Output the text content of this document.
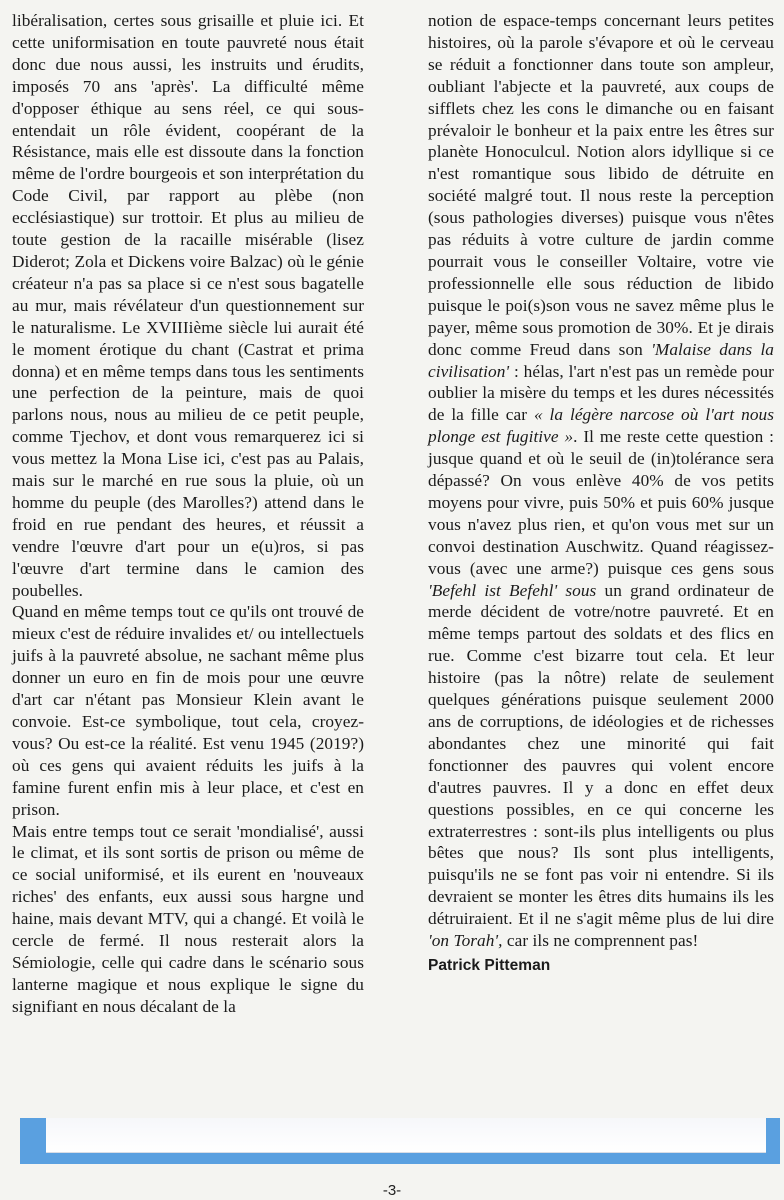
libéralisation, certes sous grisaille et pluie ici. Et cette uniformisation en toute pauvreté nous était donc due nous aussi, les instruits und érudits, imposés 70 ans 'après'. La difficulté même d'opposer éthique au sens réel, ce qui sous-entendait un rôle évident, coopérant de la Résistance, mais elle est dissoute dans la fonction même de l'ordre bourgeois et son interprétation du Code Civil, par rapport au plèbe (non ecclésiastique) sur trottoir. Et plus au milieu de toute gestion de la racaille misérable (lisez Diderot; Zola et Dickens voire Balzac) où le génie créateur n'a pas sa place si ce n'est sous bagatelle au mur, mais révélateur d'un questionnement sur le naturalisme. Le XVIIIième siècle lui aurait été le moment érotique du chant (Castrat et prima donna) et en même temps dans tous les sentiments une perfection de la peinture, mais de quoi parlons nous, nous au milieu de ce petit peuple, comme Tjechov, et dont vous remarquerez ici si vous mettez la Mona Lise ici, c'est pas au Palais, mais sur le marché en rue sous la pluie, où un homme du peuple (des Marolles?) attend dans le froid en rue pendant des heures, et réussit a vendre l'œuvre d'art pour un e(u)ros, si pas l'œuvre d'art termine dans le camion des poubelles.

Quand en même temps tout ce qu'ils ont trouvé de mieux c'est de réduire invalides et/ ou intellectuels juifs à la pauvreté absolue, ne sachant même plus donner un euro en fin de mois pour une œuvre d'art car n'étant pas Monsieur Klein avant le convoie. Est-ce symbolique, tout cela, croyez-vous? Ou est-ce la réalité. Est venu 1945 (2019?) où ces gens qui avaient réduits les juifs à la famine furent enfin mis à leur place, et c'est en prison.

Mais entre temps tout ce serait 'mondialisé', aussi le climat, et ils sont sortis de prison ou même de ce social uniformisé, et ils eurent en 'nouveaux riches' des enfants, eux aussi sous hargne und haine, mais devant MTV, qui a changé. Et voilà le cercle de fermé. Il nous resterait alors la Sémiologie, celle qui cadre dans le scénario sous lanterne magique et nous explique le signe du signifiant en nous décalant de la

notion de espace-temps concernant leurs petites histoires, où la parole s'évapore et où le cerveau se réduit a fonctionner dans toute son ampleur, oubliant l'abjecte et la pauvreté, aux coups de sifflets chez les cons le dimanche ou en faisant prévaloir le bonheur et la paix entre les êtres sur planète Honoculcul. Notion alors idyllique si ce n'est romantique sous libido de détruite en société malgré tout. Il nous reste la perception (sous pathologies diverses) puisque vous n'êtes pas réduits à votre culture de jardin comme pourrait vous le conseiller Voltaire, votre vie professionnelle elle sous réduction de libido puisque le poi(s)son vous ne savez même plus le payer, même sous promotion de 30%. Et je dirais donc comme Freud dans son 'Malaise dans la civilisation' : hélas, l'art n'est pas un remède pour oublier la misère du temps et les dures nécessités de la fille car « la légère narcose où l'art nous plonge est fugitive ». Il me reste cette question : jusque quand et où le seuil de (in)tolérance sera dépassé? On vous enlève 40% de vos petits moyens pour vivre, puis 50% et puis 60% jusque vous n'avez plus rien, et qu'on vous met sur un convoi destination Auschwitz. Quand réagissez-vous (avec une arme?) puisque ces gens sous 'Befehl ist Befehl' sous un grand ordinateur de merde décident de votre/notre pauvreté. Et en même temps partout des soldats et des flics en rue. Comme c'est bizarre tout cela. Et leur histoire (pas la nôtre) relate de seulement quelques générations puisque seulement 2000 ans de corruptions, de idéologies et de richesses abondantes chez une minorité qui fait fonctionner des pauvres qui volent encore d'autres pauvres. Il y a donc en effet deux questions possibles, en ce qui concerne les extraterrestres : sont-ils plus intelligents ou plus bêtes que nous? Ils sont plus intelligents, puisqu'ils ne se font pas voir ni entendre. Si ils devraient se monter les êtres dits humains ils les détruiraient. Et il ne s'agit même plus de lui dire 'on Torah', car ils ne comprennent pas!

Patrick Pitteman
-3-
